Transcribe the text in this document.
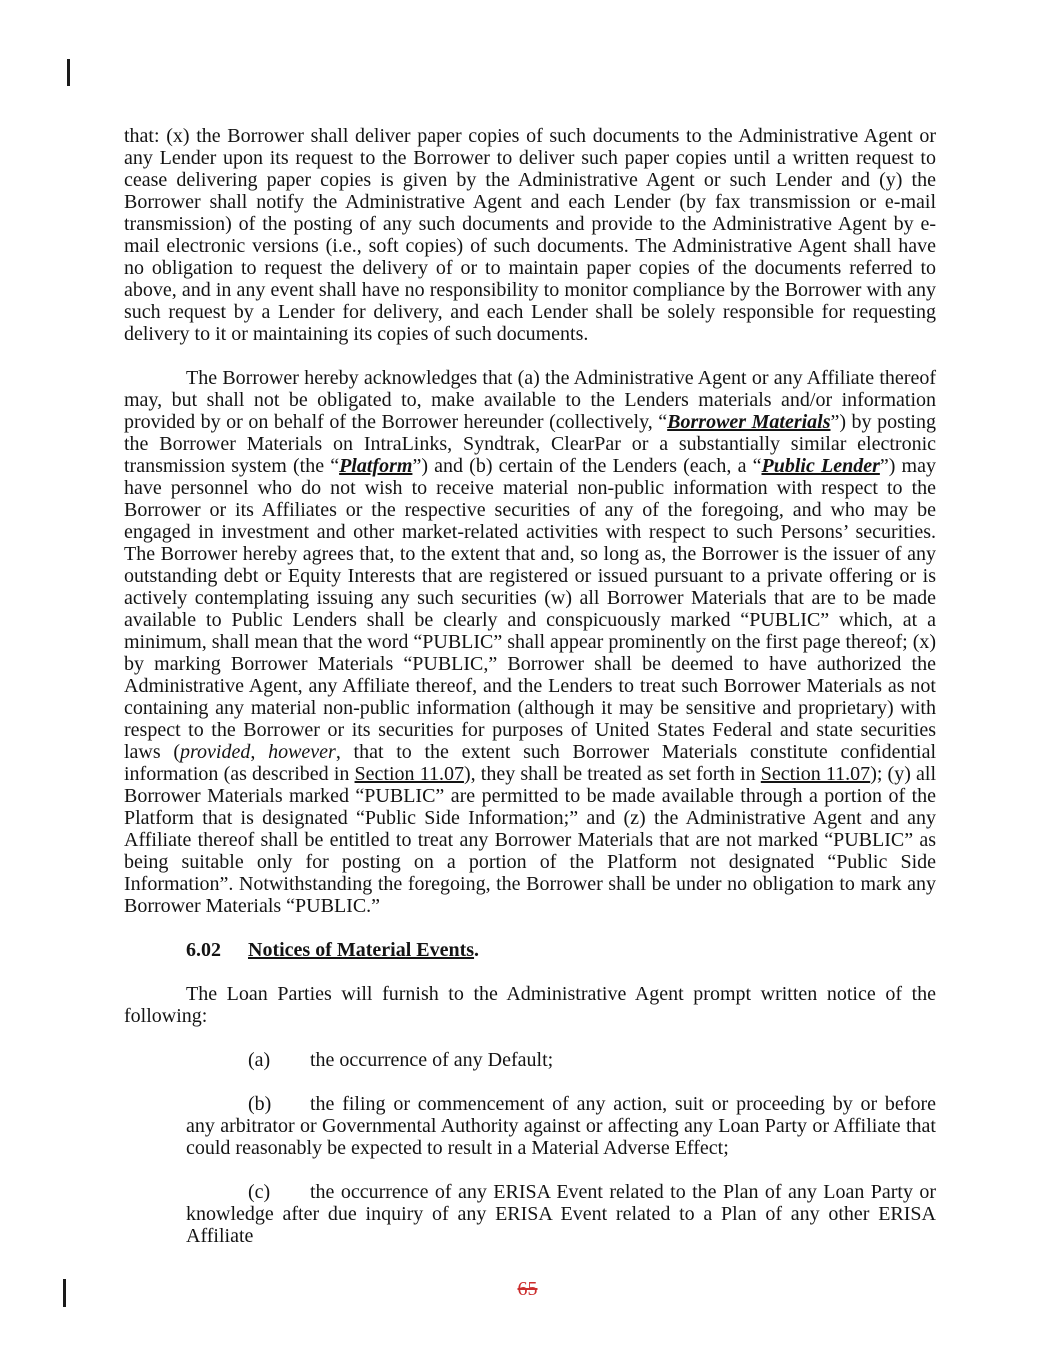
that: (x) the Borrower shall deliver paper copies of such documents to the Administrative Agent or any Lender upon its request to the Borrower to deliver such paper copies until a written request to cease delivering paper copies is given by the Administrative Agent or such Lender and (y) the Borrower shall notify the Administrative Agent and each Lender (by fax transmission or e-mail transmission) of the posting of any such documents and provide to the Administrative Agent by e-mail electronic versions (i.e., soft copies) of such documents. The Administrative Agent shall have no obligation to request the delivery of or to maintain paper copies of the documents referred to above, and in any event shall have no responsibility to monitor compliance by the Borrower with any such request by a Lender for delivery, and each Lender shall be solely responsible for requesting delivery to it or maintaining its copies of such documents.

The Borrower hereby acknowledges that (a) the Administrative Agent or any Affiliate thereof may, but shall not be obligated to, make available to the Lenders materials and/or information provided by or on behalf of the Borrower hereunder (collectively, “Borrower Materials”) by posting the Borrower Materials on IntraLinks, Syndtrak, ClearPar or a substantially similar electronic transmission system (the “Platform”) and (b) certain of the Lenders (each, a “Public Lender”) may have personnel who do not wish to receive material non-public information with respect to the Borrower or its Affiliates or the respective securities of any of the foregoing, and who may be engaged in investment and other market-related activities with respect to such Persons’ securities. The Borrower hereby agrees that, to the extent that and, so long as, the Borrower is the issuer of any outstanding debt or Equity Interests that are registered or issued pursuant to a private offering or is actively contemplating issuing any such securities (w) all Borrower Materials that are to be made available to Public Lenders shall be clearly and conspicuously marked “PUBLIC” which, at a minimum, shall mean that the word “PUBLIC” shall appear prominently on the first page thereof; (x) by marking Borrower Materials “PUBLIC,” Borrower shall be deemed to have authorized the Administrative Agent, any Affiliate thereof, and the Lenders to treat such Borrower Materials as not containing any material non-public information (although it may be sensitive and proprietary) with respect to the Borrower or its securities for purposes of United States Federal and state securities laws (provided, however, that to the extent such Borrower Materials constitute confidential information (as described in Section 11.07), they shall be treated as set forth in Section 11.07); (y) all Borrower Materials marked “PUBLIC” are permitted to be made available through a portion of the Platform that is designated “Public Side Information;” and (z) the Administrative Agent and any Affiliate thereof shall be entitled to treat any Borrower Materials that are not marked “PUBLIC” as being suitable only for posting on a portion of the Platform not designated “Public Side Information”. Notwithstanding the foregoing, the Borrower shall be under no obligation to mark any Borrower Materials “PUBLIC.”

6.02 Notices of Material Events.

The Loan Parties will furnish to the Administrative Agent prompt written notice of the following:

(a) the occurrence of any Default;

(b) the filing or commencement of any action, suit or proceeding by or before any arbitrator or Governmental Authority against or affecting any Loan Party or Affiliate that could reasonably be expected to result in a Material Adverse Effect;

(c) the occurrence of any ERISA Event related to the Plan of any Loan Party or knowledge after due inquiry of any ERISA Event related to a Plan of any other ERISA Affiliate

65
